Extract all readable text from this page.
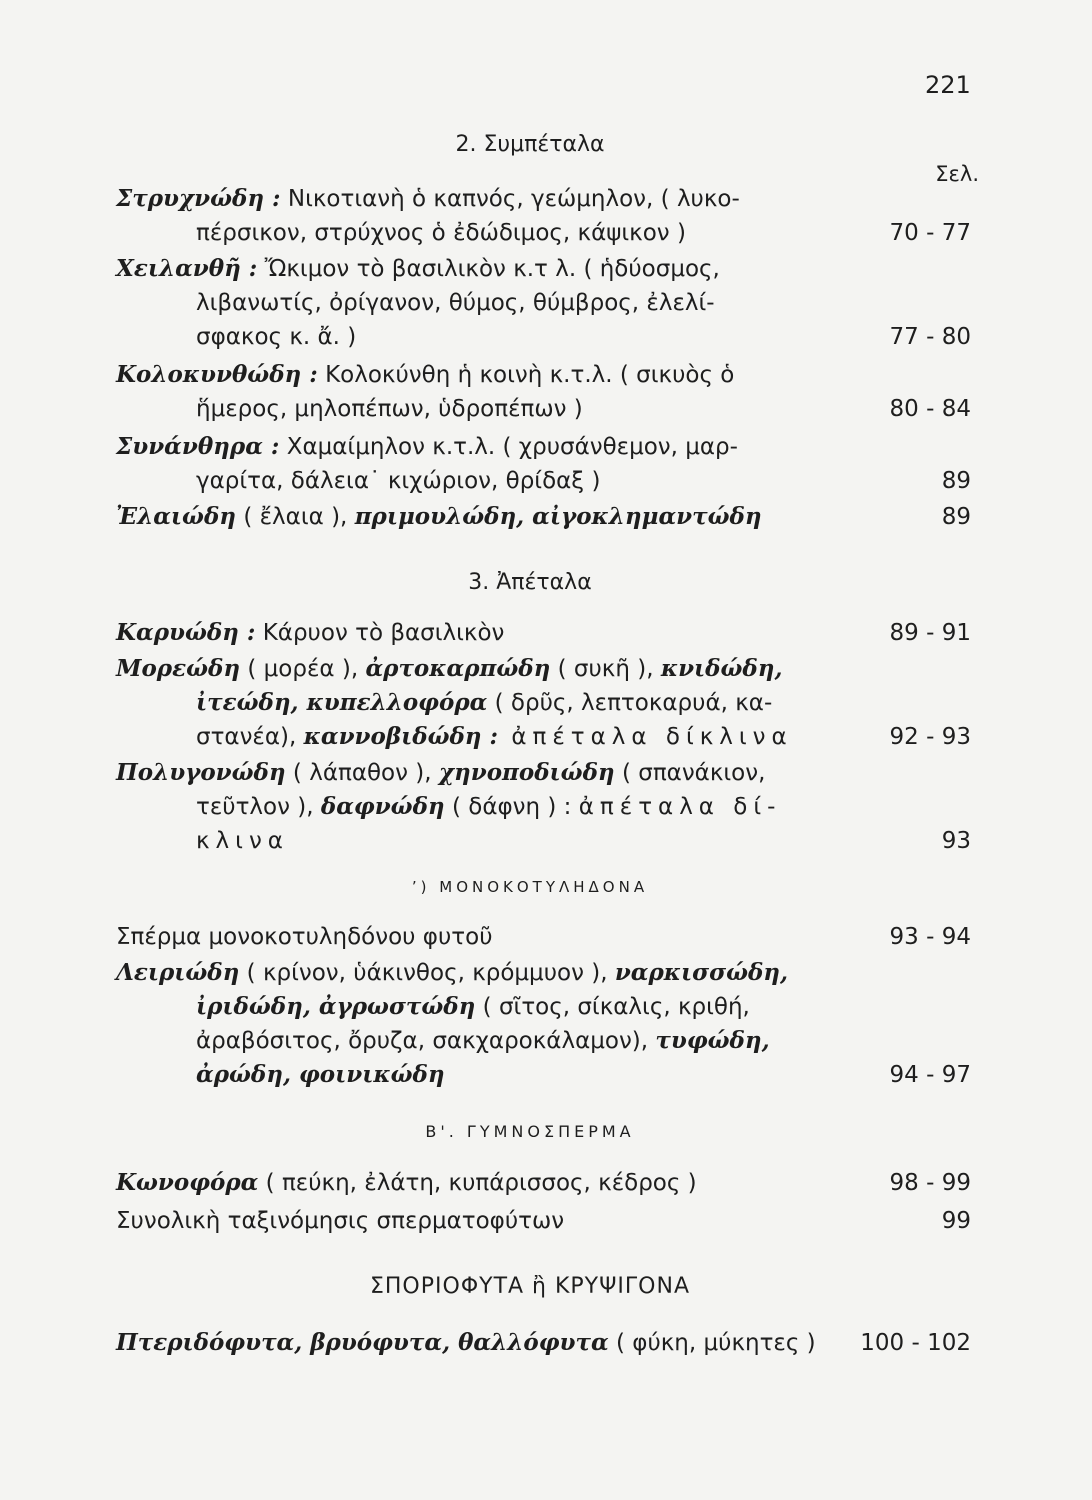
221
2. Συμπέταλα
Σελ.
Στρυχνώδη : Νικοτιανὴ ὁ καπνός, γεώμηλον, ( λυκο-
πέρσικον, στρύχνος ὁ ἐδώδιμος, κάψικον )	70 - 77
Χειλανθῆ : Ὤκιμον τὸ βασιλικὸν κ.τ λ. ( ἡδύοσμος,
λιβανωτίς, ὀρίγανον, θύμος, θύμβρος, ἐλελί-
σφακος κ. ἄ. )	77 - 80
Κολοκυνθώδη : Κολοκύνθη ἡ κοινὴ κ.τ.λ. ( σικυὸς ὁ
ἥμερος, μηλοπέπων, ὑδροπέπων )	80 - 84
Συνάνθηρα : Χαμαίμηλον κ.τ.λ. ( χρυσάνθεμον, μαρ-
γαρίτα, δάλεια˙ κιχώριον, θρίδαξ )	89
Ἐλαιώδη ( ἔλαια ), πριμουλώδη, αἰγοκλημαντώδη	89
3. Ἀπέταλα
Καρυώδη : Κάρυον τὸ βασιλικὸν	89 - 91
Μορεώδη ( μορέα ), ἀρτοκαρπώδη ( συκῆ ), κνιδώδη,
ἰτεώδη, κυπελλοφόρα ( δρῦς, λεπτοκαρυά, κα-
στανέα), καννοβιδώδη : ἀπέταλα δίκλινα	92 - 93
Πολυγονώδη ( λάπαθον ), χηνοποδιώδη ( σπανάκιον,
τεῦτλον ), δαφνώδη ( δάφνη ) : ἀπέταλα δί-
κλινα	93
’) ΜΟΝΟΚΟΤΥΛΗΔΟΝΑ
Σπέρμα μονοκοτυληδόνου φυτοῦ	93 - 94
Λειριώδη ( κρίνον, ὑάκινθος, κρόμμυον ), ναρκισσώδη,
ἰριδώδη, ἀγρωστώδη ( σῖτος, σίκαλις, κριθή,
ἀραβόσιτος, ὄρυζα, σακχαροκάλαμον), τυφώδη,
ἀρώδη, φοινικώδη	94 - 97
Β'. ΓΥΜΝΟΣΠΕΡΜΑ
Κωνοφόρα ( πεύκη, ἐλάτη, κυπάρισσος, κέδρος )	98 - 99
Συνολικὴ ταξινόμησις σπερματοφύτων	99
ΣΠΟΡΙΟΦΥΤΑ ἢ ΚΡΥΨΙΓΟΝΑ
Πτεριδόφυτα, βρυόφυτα, θαλλόφυτα ( φύκη, μύκητες ) 100 - 102
